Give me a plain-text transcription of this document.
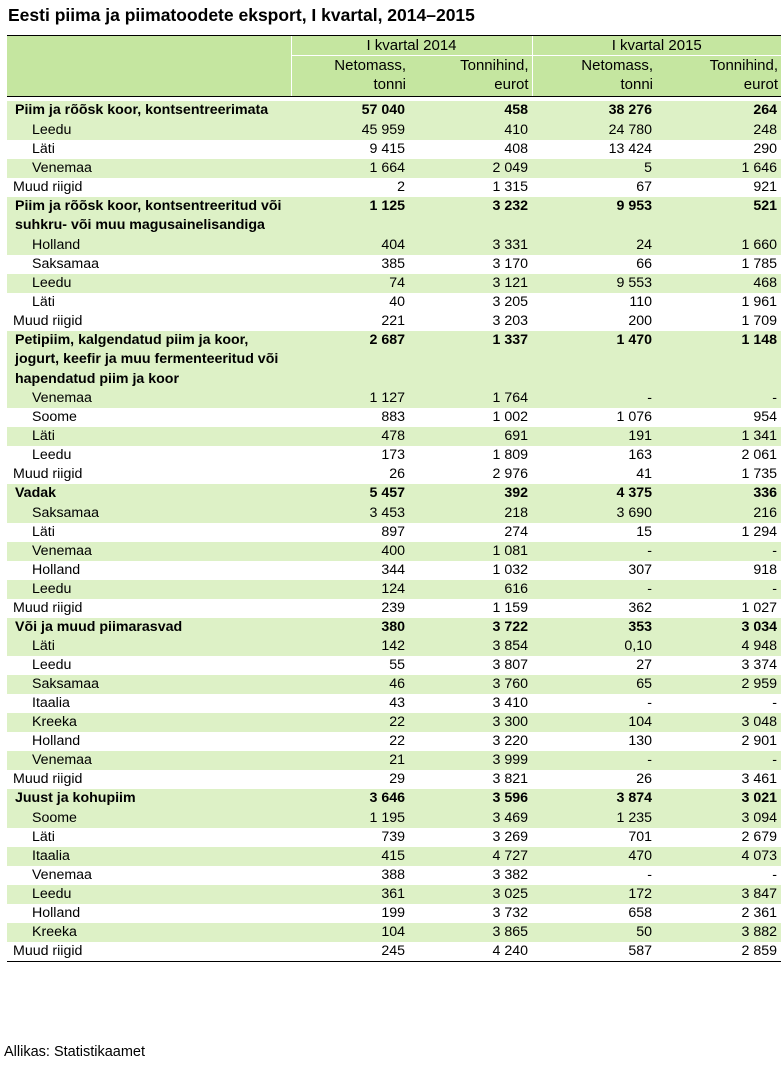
Eesti piima ja piimatoodete eksport, I kvartal, 2014–2015
	I kvartal 2014		I kvartal 2015	
	Netomass,	Tonnihind,	Netomass,	Tonnihind,
	tonni	eurot	tonni	eurot

Piim ja rõõsk koor, kontsentreerimata	57 040	458	38 276	264
Leedu	45 959	410	24 780	248
Läti	9 415	408	13 424	290
Venemaa	1 664	2 049	5	1 646
Muud riigid	2	1 315	67	921
Piim ja rõõsk koor, kontsentreeritud või suhkru- või muu magusainelisandiga	1 125	3 232	9 953	521
Holland	404	3 331	24	1 660
Saksamaa	385	3 170	66	1 785
Leedu	74	3 121	9 553	468
Läti	40	3 205	110	1 961
Muud riigid	221	3 203	200	1 709
Petipiim, kalgendatud piim ja koor, jogurt, keefir ja muu fermenteeritud või hapendatud piim ja koor	2 687	1 337	1 470	1 148
Venemaa	1 127	1 764	-	-
Soome	883	1 002	1 076	954
Läti	478	691	191	1 341
Leedu	173	1 809	163	2 061
Muud riigid	26	2 976	41	1 735
Vadak	5 457	392	4 375	336
Saksamaa	3 453	218	3 690	216
Läti	897	274	15	1 294
Venemaa	400	1 081	-	-
Holland	344	1 032	307	918
Leedu	124	616	-	-
Muud riigid	239	1 159	362	1 027
Või ja muud piimarasvad	380	3 722	353	3 034
Läti	142	3 854	0,10	4 948
Leedu	55	3 807	27	3 374
Saksamaa	46	3 760	65	2 959
Itaalia	43	3 410	-	-
Kreeka	22	3 300	104	3 048
Holland	22	3 220	130	2 901
Venemaa	21	3 999	-	-
Muud riigid	29	3 821	26	3 461
Juust ja kohupiim	3 646	3 596	3 874	3 021
Soome	1 195	3 469	1 235	3 094
Läti	739	3 269	701	2 679
Itaalia	415	4 727	470	4 073
Venemaa	388	3 382	-	-
Leedu	361	3 025	172	3 847
Holland	199	3 732	658	2 361
Kreeka	104	3 865	50	3 882
Muud riigid	245	4 240	587	2 859
Allikas: Statistikaamet
